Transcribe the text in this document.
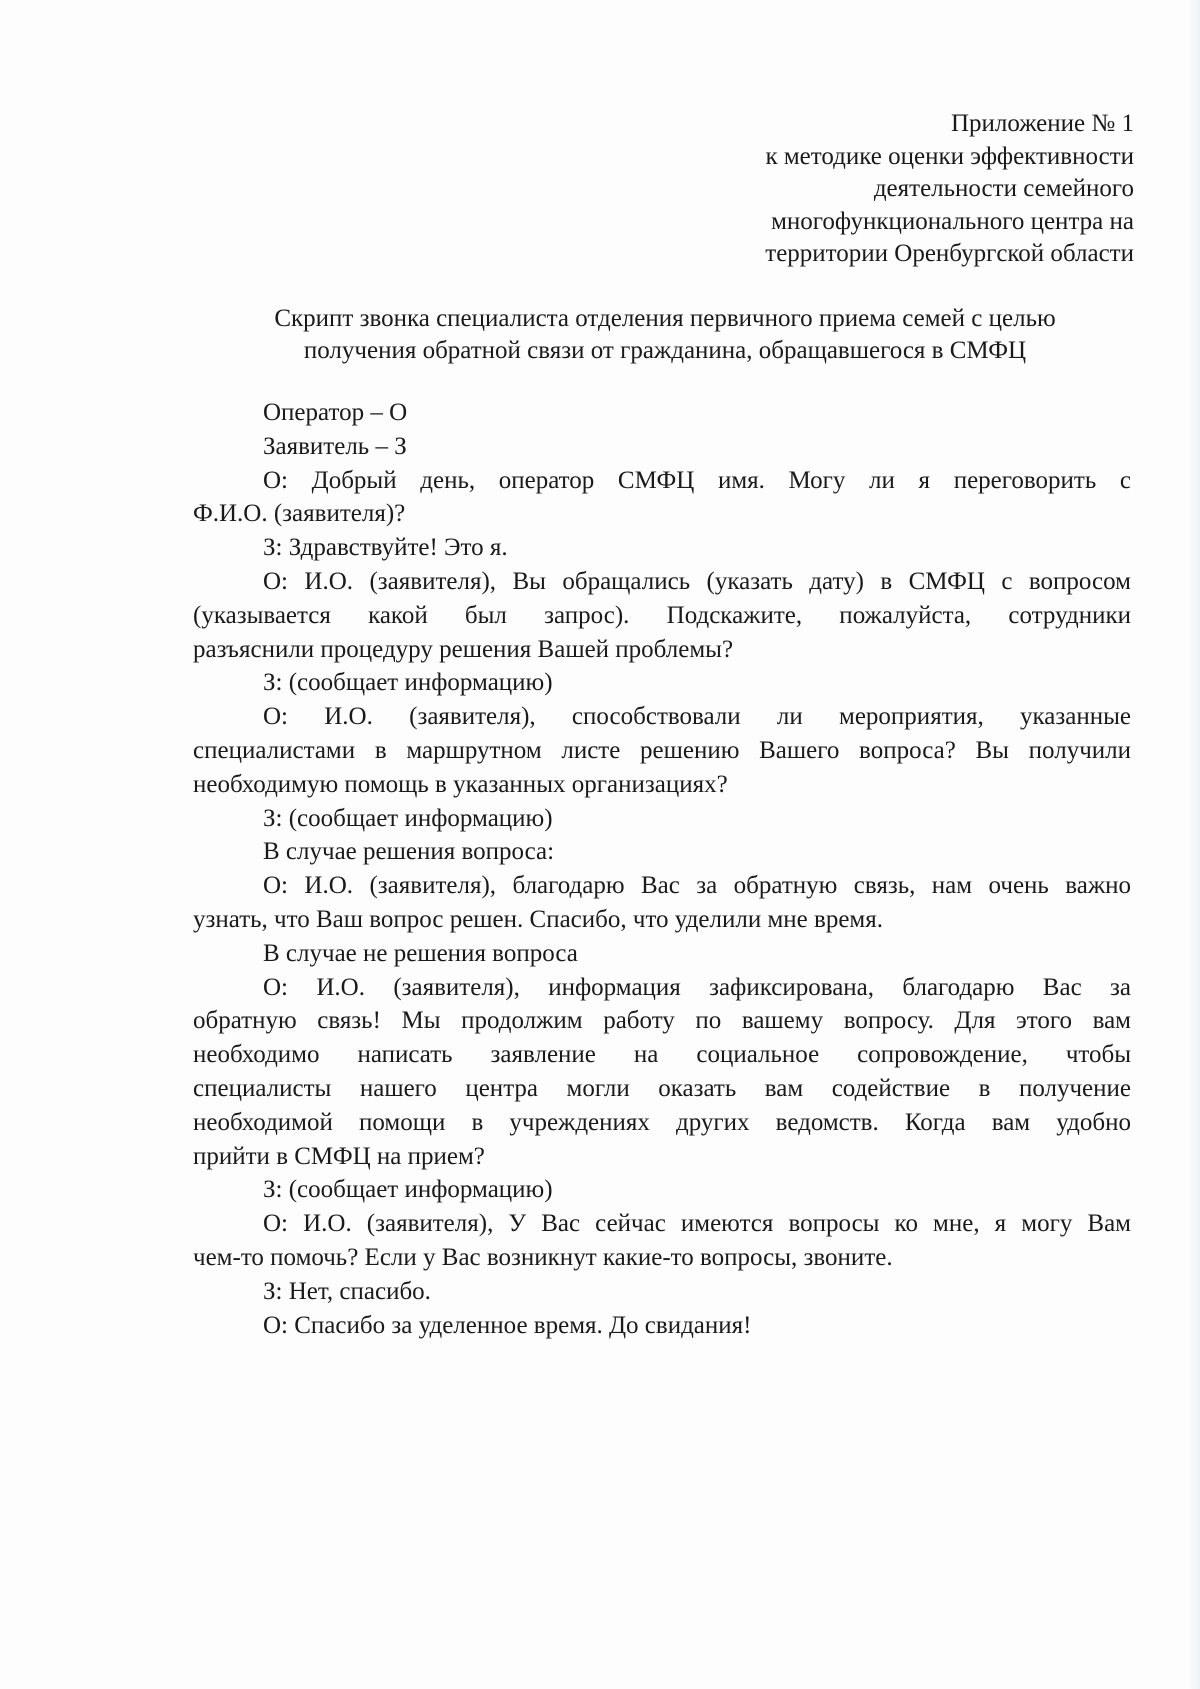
Приложение № 1
к методике оценки эффективности
деятельности семейного
многофункционального центра на
территории Оренбургской области
Скрипт звонка специалиста отделения первичного приема семей с целью
получения обратной связи от гражданина, обращавшегося в СМФЦ
Оператор – О
Заявитель – З
О: Добрый день, оператор СМФЦ имя. Могу ли я переговорить с
Ф.И.О. (заявителя)?
З: Здравствуйте! Это я.
О: И.О. (заявителя), Вы обращались (указать дату) в СМФЦ с вопросом
(указывается какой был запрос). Подскажите, пожалуйста, сотрудники
разъяснили процедуру решения Вашей проблемы?
З: (сообщает информацию)
О: И.О. (заявителя), способствовали ли мероприятия, указанные
специалистами в маршрутном листе решению Вашего вопроса? Вы получили
необходимую помощь в указанных организациях?
З: (сообщает информацию)
В случае решения вопроса:
О: И.О. (заявителя), благодарю Вас за обратную связь, нам очень важно
узнать, что Ваш вопрос решен. Спасибо, что уделили мне время.
В случае не решения вопроса
О: И.О. (заявителя), информация зафиксирована, благодарю Вас за
обратную связь! Мы продолжим работу по вашему вопросу. Для этого вам
необходимо написать заявление на социальное сопровождение, чтобы
специалисты нашего центра могли оказать вам содействие в получение
необходимой помощи в учреждениях других ведомств. Когда вам удобно
прийти в СМФЦ на прием?
З: (сообщает информацию)
О: И.О. (заявителя), У Вас сейчас имеются вопросы ко мне, я могу Вам
чем-то помочь? Если у Вас возникнут какие-то вопросы, звоните.
З: Нет, спасибо.
О: Спасибо за уделенное время. До свидания!
